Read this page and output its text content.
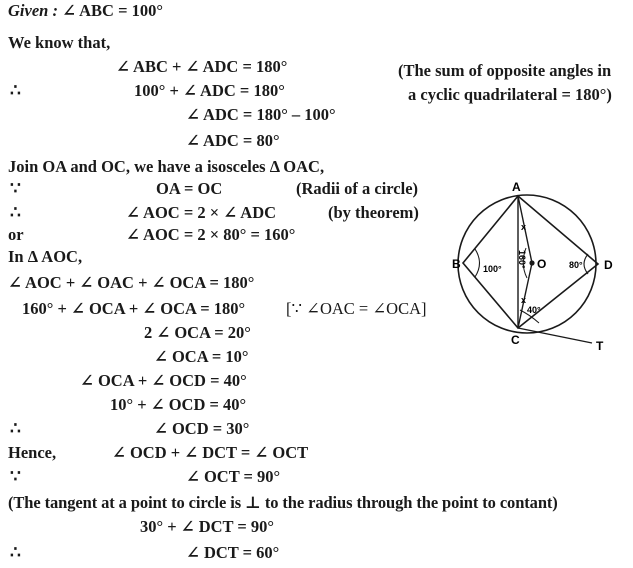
Given : ∠ ABC = 100°
We know that,
∠ ABC + ∠ ADC = 180°	(The sum of opposite angles in
∴	100° + ∠ ADC = 180°	a cyclic quadrilateral = 180°)
∠ ADC = 180° – 100°
∠ ADC = 80°
Join OA and OC, we have a isosceles Δ OAC,
∵	OA = OC	(Radii of a circle)
∴	∠ AOC = 2 × ∠ ADC	(by theorem)
or	∠ AOC = 2 × 80° = 160°
In Δ AOC,
∠ AOC + ∠ OAC + ∠ OCA = 180°
160° + ∠ OCA + ∠ OCA = 180° [∵ ∠OAC = ∠OCA]
2 ∠ OCA = 20°
∠ OCA = 10°
∠ OCA + ∠ OCD = 40°
10° + ∠ OCD = 40°
∴	∠ OCD = 30°
Hence,	∠ OCD + ∠ DCT = ∠ OCT
∵	∠ OCT = 90°
(The tangent at a point to circle is ⊥ to the radius through the point to contant)
30° + ∠ DCT = 90°
∴	∠ DCT = 60°
A
B
C
D
O
T
100°	80°
40°
160°
x
x
